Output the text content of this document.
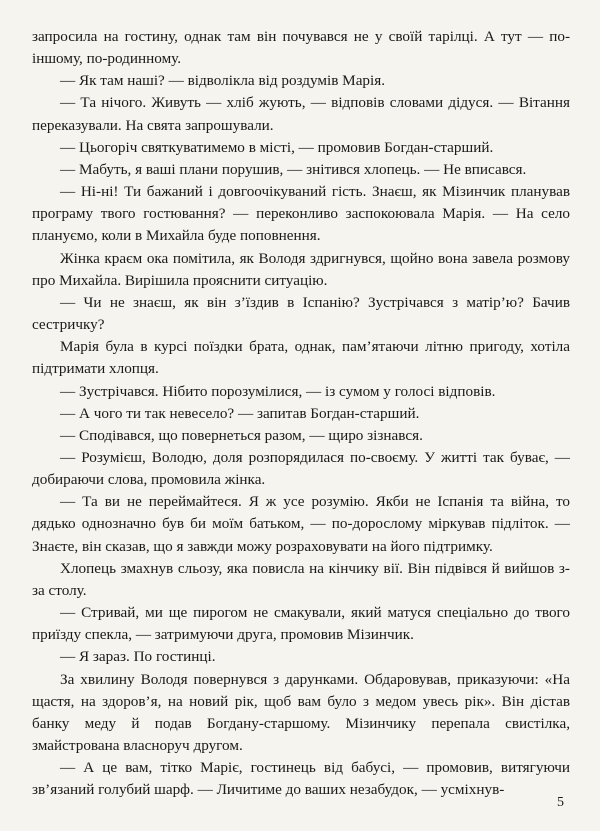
запросила на гостину, однак там він почувався не у своїй тарілці. А тут — по-іншому, по-родинному.

— Як там наші? — відволікла від роздумів Марія.

— Та нічого. Живуть — хліб жують, — відповів словами дідуся. — Вітання переказували. На свята запрошували.

— Цьогоріч святкуватимемо в місті, — промовив Богдан-старший.

— Мабуть, я ваші плани порушив, — знітився хлопець. — Не вписався.

— Ні-ні! Ти бажаний і довгоочікуваний гість. Знаєш, як Мізинчик планував програму твого гостювання? — переконливо заспокоювала Марія. — На село плануємо, коли в Михайла буде поповнення.

Жінка краєм ока помітила, як Володя здригнувся, щойно вона завела розмову про Михайла. Вирішила прояснити ситуацію.

— Чи не знаєш, як він з’їздив в Іспанію? Зустрічався з матір’ю? Бачив сестричку?

Марія була в курсі поїздки брата, однак, пам’ятаючи літню пригоду, хотіла підтримати хлопця.

— Зустрічався. Нібито порозумілися, — із сумом у голосі відповів.

— А чого ти так невесело? — запитав Богдан-старший.

— Сподівався, що повернеться разом, — щиро зізнався.

— Розумієш, Володю, доля розпорядилася по-своєму. У житті так буває, — добираючи слова, промовила жінка.

— Та ви не переймайтеся. Я ж усе розумію. Якби не Іспанія та війна, то дядько однозначно був би моїм батьком, — по-дорослому міркував підліток. — Знаєте, він сказав, що я завжди можу розраховувати на його підтримку.

Хлопець змахнув сльозу, яка повисла на кінчику вії. Він підвівся й вийшов з-за столу.

— Стривай, ми ще пирогом не смакували, який матуся спеціально до твого приїзду спекла, — затримуючи друга, промовив Мізинчик.

— Я зараз. По гостинці.

За хвилину Володя повернувся з дарунками. Обдаровував, приказуючи: «На щастя, на здоров’я, на новий рік, щоб вам було з медом увесь рік». Він дістав банку меду й подав Богдану-старшому. Мізинчику перепала свистілка, змайстрована власноруч другом.

— А це вам, тітко Маріє, гостинець від бабусі, — промовив, витягуючи зв’язаний голубий шарф. — Личитиме до ваших незабудок, — усміхнув-

5
